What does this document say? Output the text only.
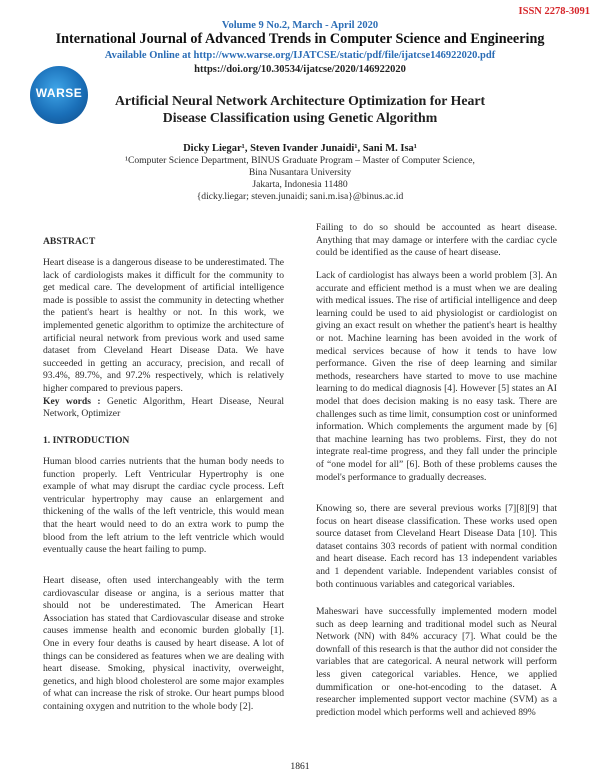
ISSN 2278-3091
Volume 9 No.2, March - April 2020
International Journal of Advanced Trends in Computer Science and Engineering
Available Online at http://www.warse.org/IJATCSE/static/pdf/file/ijatcse146922020.pdf
https://doi.org/10.30534/ijatcse/2020/146922020
WARSE	Artificial Neural Network Architecture Optimization for Heart Disease Classification using Genetic Algorithm
Dicky Liegar¹, Steven Ivander Junaidi¹, Sani M. Isa¹
¹Computer Science Department, BINUS Graduate Program – Master of Computer Science,
Bina Nusantara University
Jakarta, Indonesia 11480
{dicky.liegar; steven.junaidi; sani.m.isa}@binus.ac.id

ABSTRACT

Heart disease is a dangerous disease to be underestimated. The lack of cardiologists makes it difficult for the community to get medical care. The development of artificial intelligence made is possible to assist the community in detecting whether the patient's heart is healthy or not. In this work, we implemented genetic algorithm to optimize the architecture of artificial neural network from previous work and used same dataset from Cleveland Heart Disease Data. We have succeeded in getting an accuracy, precision, and recall of 93.4%, 89.7%, and 97.2% respectively, which is relatively higher compared to previous papers.

Key words : Genetic Algorithm, Heart Disease, Neural Network, Optimizer

1. INTRODUCTION

Human blood carries nutrients that the human body needs to function properly. Left Ventricular Hypertrophy is one example of what may disrupt the cardiac cycle process. Left ventricular hypertrophy may cause an enlargement and thickening of the walls of the left ventricle, this would mean that the heart would need to do an extra work to pump the blood from the left atrium to the left ventricle which would eventually cause the heart failing to pump.

Heart disease, often used interchangeably with the term cardiovascular disease or angina, is a serious matter that should not be underestimated. The American Heart Association has stated that Cardiovascular disease and stroke causes immense health and economic burden globally [1]. One in every four deaths is caused by heart disease. A lot of things can be considered as features when we are dealing with heart disease. Smoking, physical inactivity, overweight, genetics, and high blood cholesterol are some major examples of what can increase the risk of stroke. Our heart pumps blood containing oxygen and nutrition to the whole body [2].

Failing to do so should be accounted as heart disease. Anything that may damage or interfere with the cardiac cycle could be identified as the cause of heart disease.

Lack of cardiologist has always been a world problem [3]. An accurate and efficient method is a must when we are dealing with medical issues. The rise of artificial intelligence and deep learning could be used to aid physiologist or cardiologist on giving an exact result on whether the patient's heart is healthy or not. Machine learning has been avoided in the work of medical services because of how it tends to have low performance. Given the rise of deep learning and similar methods, researchers have started to move to use machine learning to do medical diagnosis [4]. However [5] states an AI model that does decision making is no easy task. There are challenges such as time limit, consumption cost or uninformed information. Which complements the argument made by [6] that machine learning has two problems. First, they do not integrate real-time progress, and they fall under the principle of “one model for all” [6]. Both of these problems causes the model's performance to gradually decreases.

Knowing so, there are several previous works [7][8][9] that focus on heart disease classification. These works used open source dataset from Cleveland Heart Disease Data [10]. This dataset contains 303 records of patient with normal condition and heart disease. Each record has 13 independent variables and 1 dependent variable. Independent variables consist of both continuous variables and categorical variables.

Maheswari have successfully implemented modern model such as deep learning and traditional model such as Neural Network (NN) with 84% accuracy [7]. What could be the downfall of this research is that the author did not consider the variables that are categorical. A neural network will perform less given categorical variables. Hence, we applied dummification or one-hot-encoding to the dataset. A researcher implemented support vector machine (SVM) as a prediction model which performs well and achieved 89%

1861
